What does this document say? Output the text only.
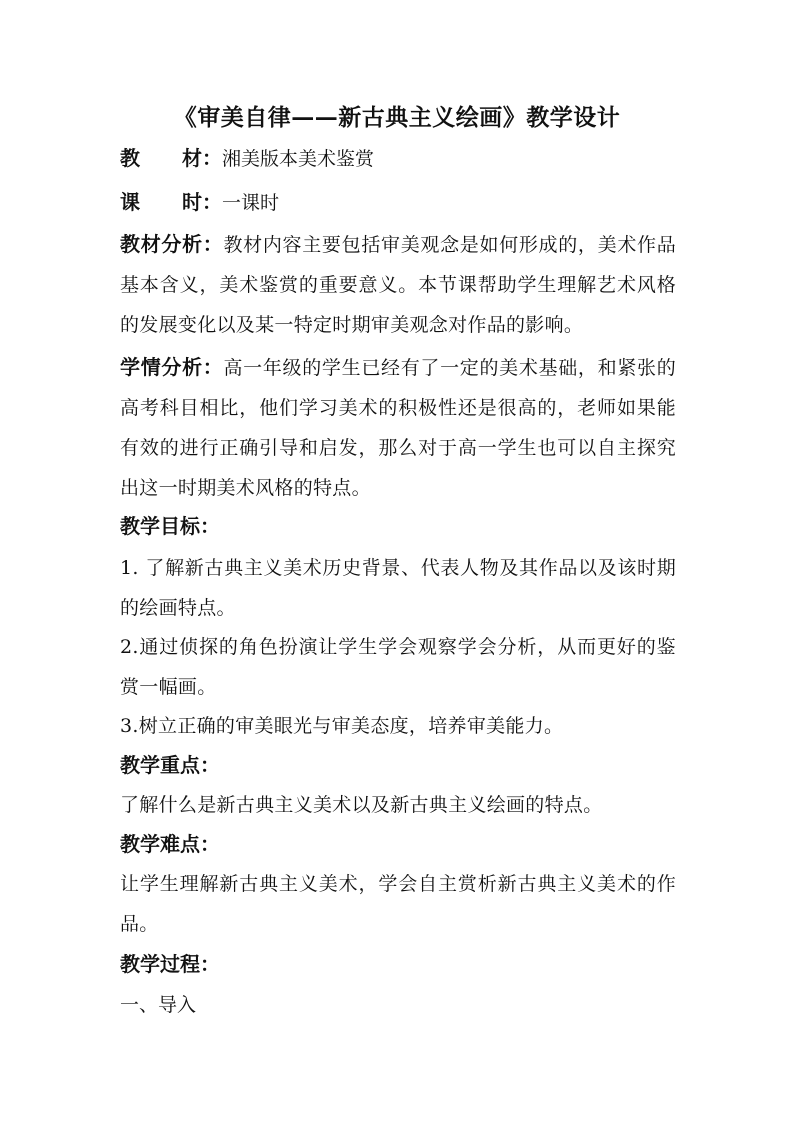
《审美自律——新古典主义绘画》教学设计
教 材：湘美版本美术鉴赏
课 时：一课时
教材分析：教材内容主要包括审美观念是如何形成的，美术作品基本含义，美术鉴赏的重要意义。本节课帮助学生理解艺术风格的发展变化以及某一特定时期审美观念对作品的影响。
学情分析：高一年级的学生已经有了一定的美术基础，和紧张的高考科目相比，他们学习美术的积极性还是很高的，老师如果能有效的进行正确引导和启发，那么对于高一学生也可以自主探究出这一时期美术风格的特点。
教学目标：
1. 了解新古典主义美术历史背景、代表人物及其作品以及该时期的绘画特点。
2.通过侦探的角色扮演让学生学会观察学会分析，从而更好的鉴赏一幅画。
3.树立正确的审美眼光与审美态度，培养审美能力。
教学重点：
了解什么是新古典主义美术以及新古典主义绘画的特点。
教学难点：
让学生理解新古典主义美术，学会自主赏析新古典主义美术的作品。
教学过程：
一、导入
